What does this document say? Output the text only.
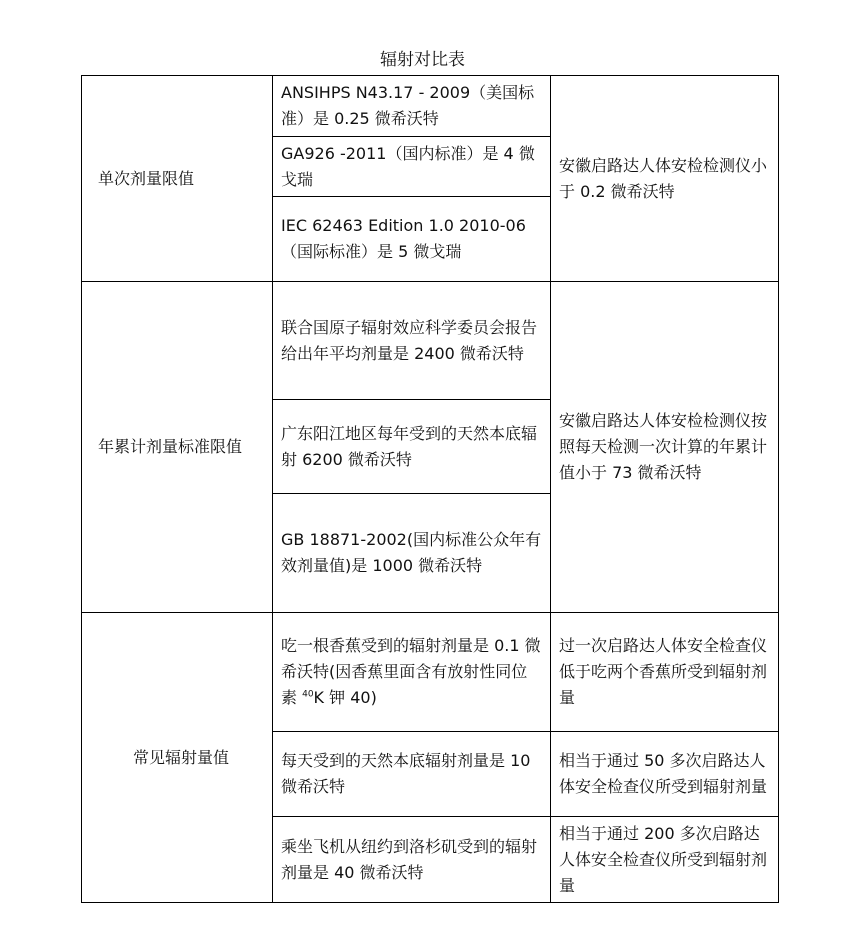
辐射对比表
单次剂量限值	ANSIHPS N43.17 - 2009（美国标准）是 0.25 微希沃特	安徽启路达人体安检检测仪小于 0.2 微希沃特
	GA926 -2011（国内标准）是 4 微戈瑞	
	IEC 62463 Edition 1.0 2010-06（国际标准）是 5 微戈瑞	
年累计剂量标准限值	联合国原子辐射效应科学委员会报告给出年平均剂量是 2400 微希沃特	安徽启路达人体安检检测仪按照每天检测一次计算的年累计值小于 73 微希沃特
	广东阳江地区每年受到的天然本底辐射 6200 微希沃特	
	GB 18871-2002(国内标准公众年有效剂量值)是 1000 微希沃特	
常见辐射量值	吃一根香蕉受到的辐射剂量是 0.1 微希沃特(因香蕉里面含有放射性同位素 $^{40}$K 钾 40)	过一次启路达人体安全检查仪低于吃两个香蕉所受到辐射剂量
	每天受到的天然本底辐射剂量是 10 微希沃特	相当于通过 50 多次启路达人体安全检查仪所受到辐射剂量
	乘坐飞机从纽约到洛杉矶受到的辐射剂量是 40 微希沃特	相当于通过 200 多次启路达人体安全检查仪所受到辐射剂量
